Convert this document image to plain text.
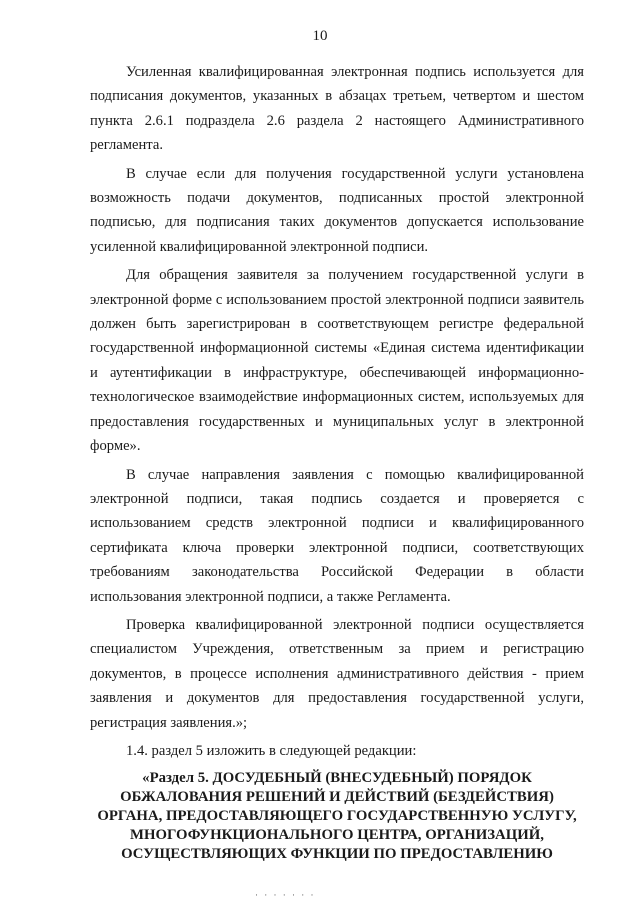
10

Усиленная квалифицированная электронная подпись используется для подписания документов, указанных в абзацах третьем, четвертом и шестом пункта 2.6.1 подраздела 2.6 раздела 2 настоящего Административного регламента.

В случае если для получения государственной услуги установлена возможность подачи документов, подписанных простой электронной подписью, для подписания таких документов допускается использование усиленной квалифицированной электронной подписи.

Для обращения заявителя за получением государственной услуги в электронной форме с использованием простой электронной подписи заявитель должен быть зарегистрирован в соответствующем регистре федеральной государственной информационной системы «Единая система идентификации и аутентификации в инфраструктуре, обеспечивающей информационно-технологическое взаимодействие информационных систем, используемых для предоставления государственных и муниципальных услуг в электронной форме».

В случае направления заявления с помощью квалифицированной электронной подписи, такая подпись создается и проверяется с использованием средств электронной подписи и квалифицированного сертификата ключа проверки электронной подписи, соответствующих требованиям законодательства Российской Федерации в области использования электронной подписи, а также Регламента.

Проверка квалифицированной электронной подписи осуществляется специалистом Учреждения, ответственным за прием и регистрацию документов, в процессе исполнения административного действия - прием заявления и документов для предоставления государственной услуги, регистрация заявления.»;

1.4. раздел 5 изложить в следующей редакции:

«Раздел 5. ДОСУДЕБНЫЙ (ВНЕСУДЕБНЫЙ) ПОРЯДОК
ОБЖАЛОВАНИЯ РЕШЕНИЙ И ДЕЙСТВИЙ (БЕЗДЕЙСТВИЯ)
ОРГАНА, ПРЕДОСТАВЛЯЮЩЕГО ГОСУДАРСТВЕННУЮ УСЛУГУ,
МНОГОФУНКЦИОНАЛЬНОГО ЦЕНТРА, ОРГАНИЗАЦИЙ,
ОСУЩЕСТВЛЯЮЩИХ ФУНКЦИИ ПО ПРЕДОСТАВЛЕНИЮ
· · · · · · ·
